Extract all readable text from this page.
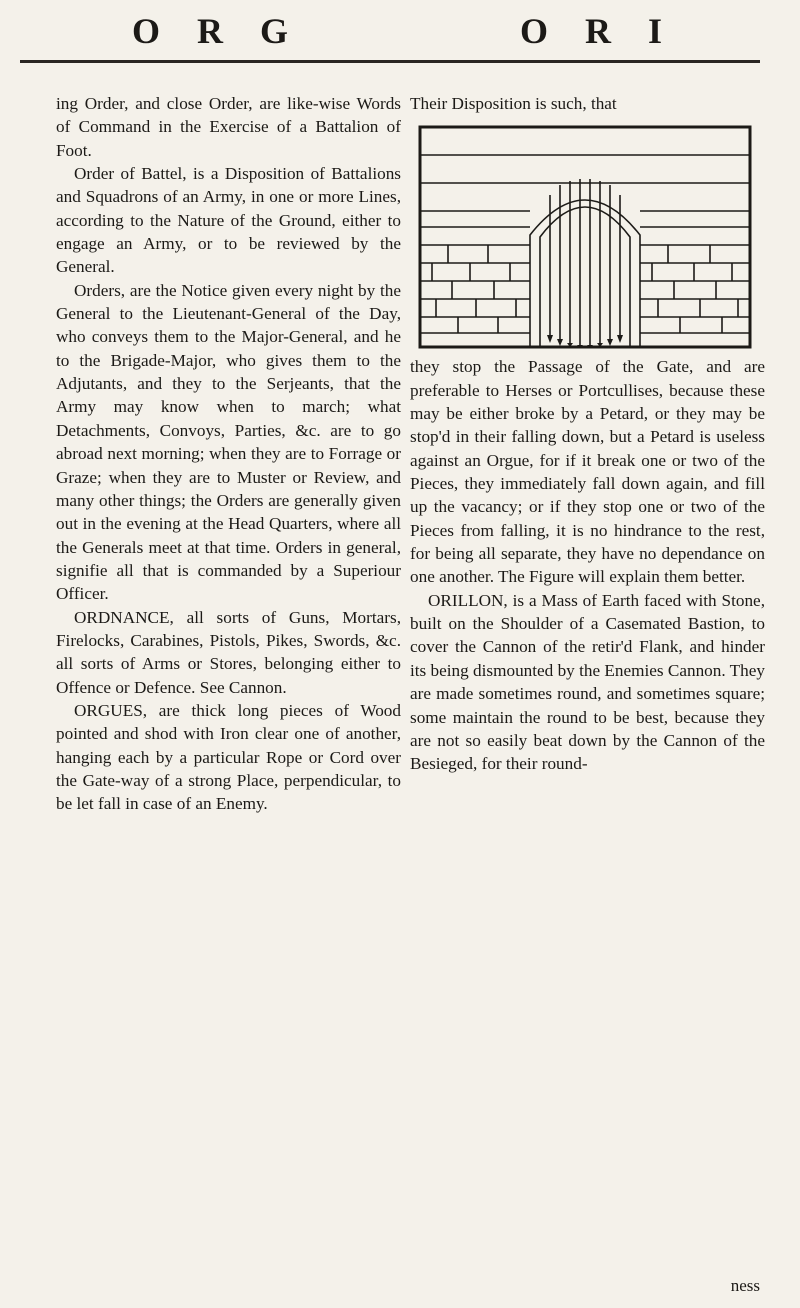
O R G	O R I

ing Order, and close Order, are like-wise Words of Command in the Exercise of a Battalion of Foot.

Order of Battel, is a Disposition of Battalions and Squadrons of an Army, in one or more Lines, according to the Nature of the Ground, either to engage an Army, or to be reviewed by the General.

Orders, are the Notice given every night by the General to the Lieutenant-General of the Day, who conveys them to the Major-General, and he to the Brigade-Major, who gives them to the Adjutants, and they to the Serjeants, that the Army may know when to march; what Detachments, Convoys, Parties, &c. are to go abroad next morning; when they are to Forrage or Graze; when they are to Muster or Review, and many other things; the Orders are generally given out in the evening at the Head Quarters, where all the Generals meet at that time. Orders in general, signifie all that is commanded by a Superiour Officer.

ORDNANCE, all sorts of Guns, Mortars, Firelocks, Carabines, Pistols, Pikes, Swords, &c. all sorts of Arms or Stores, belonging either to Offence or Defence. See Cannon.

ORGUES, are thick long pieces of Wood pointed and shod with Iron clear one of another, hanging each by a particular Rope or Cord over the Gate-way of a strong Place, perpendicular, to be let fall in case of an Enemy.

Their Disposition is such, that

they stop the Passage of the Gate, and are preferable to Herses or Portcullises, because these may be either broke by a Petard, or they may be stop'd in their falling down, but a Petard is useless against an Orgue, for if it break one or two of the Pieces, they immediately fall down again, and fill up the vacancy; or if they stop one or two of the Pieces from falling, it is no hindrance to the rest, for being all separate, they have no dependance on one another. The Figure will explain them better.

ORILLON, is a Mass of Earth faced with Stone, built on the Shoulder of a Casemated Bastion, to cover the Cannon of the retir'd Flank, and hinder its being dismounted by the Enemies Cannon. They are made sometimes round, and sometimes square; some maintain the round to be best, because they are not so easily beat down by the Cannon of the Besieged, for their round-

ness
